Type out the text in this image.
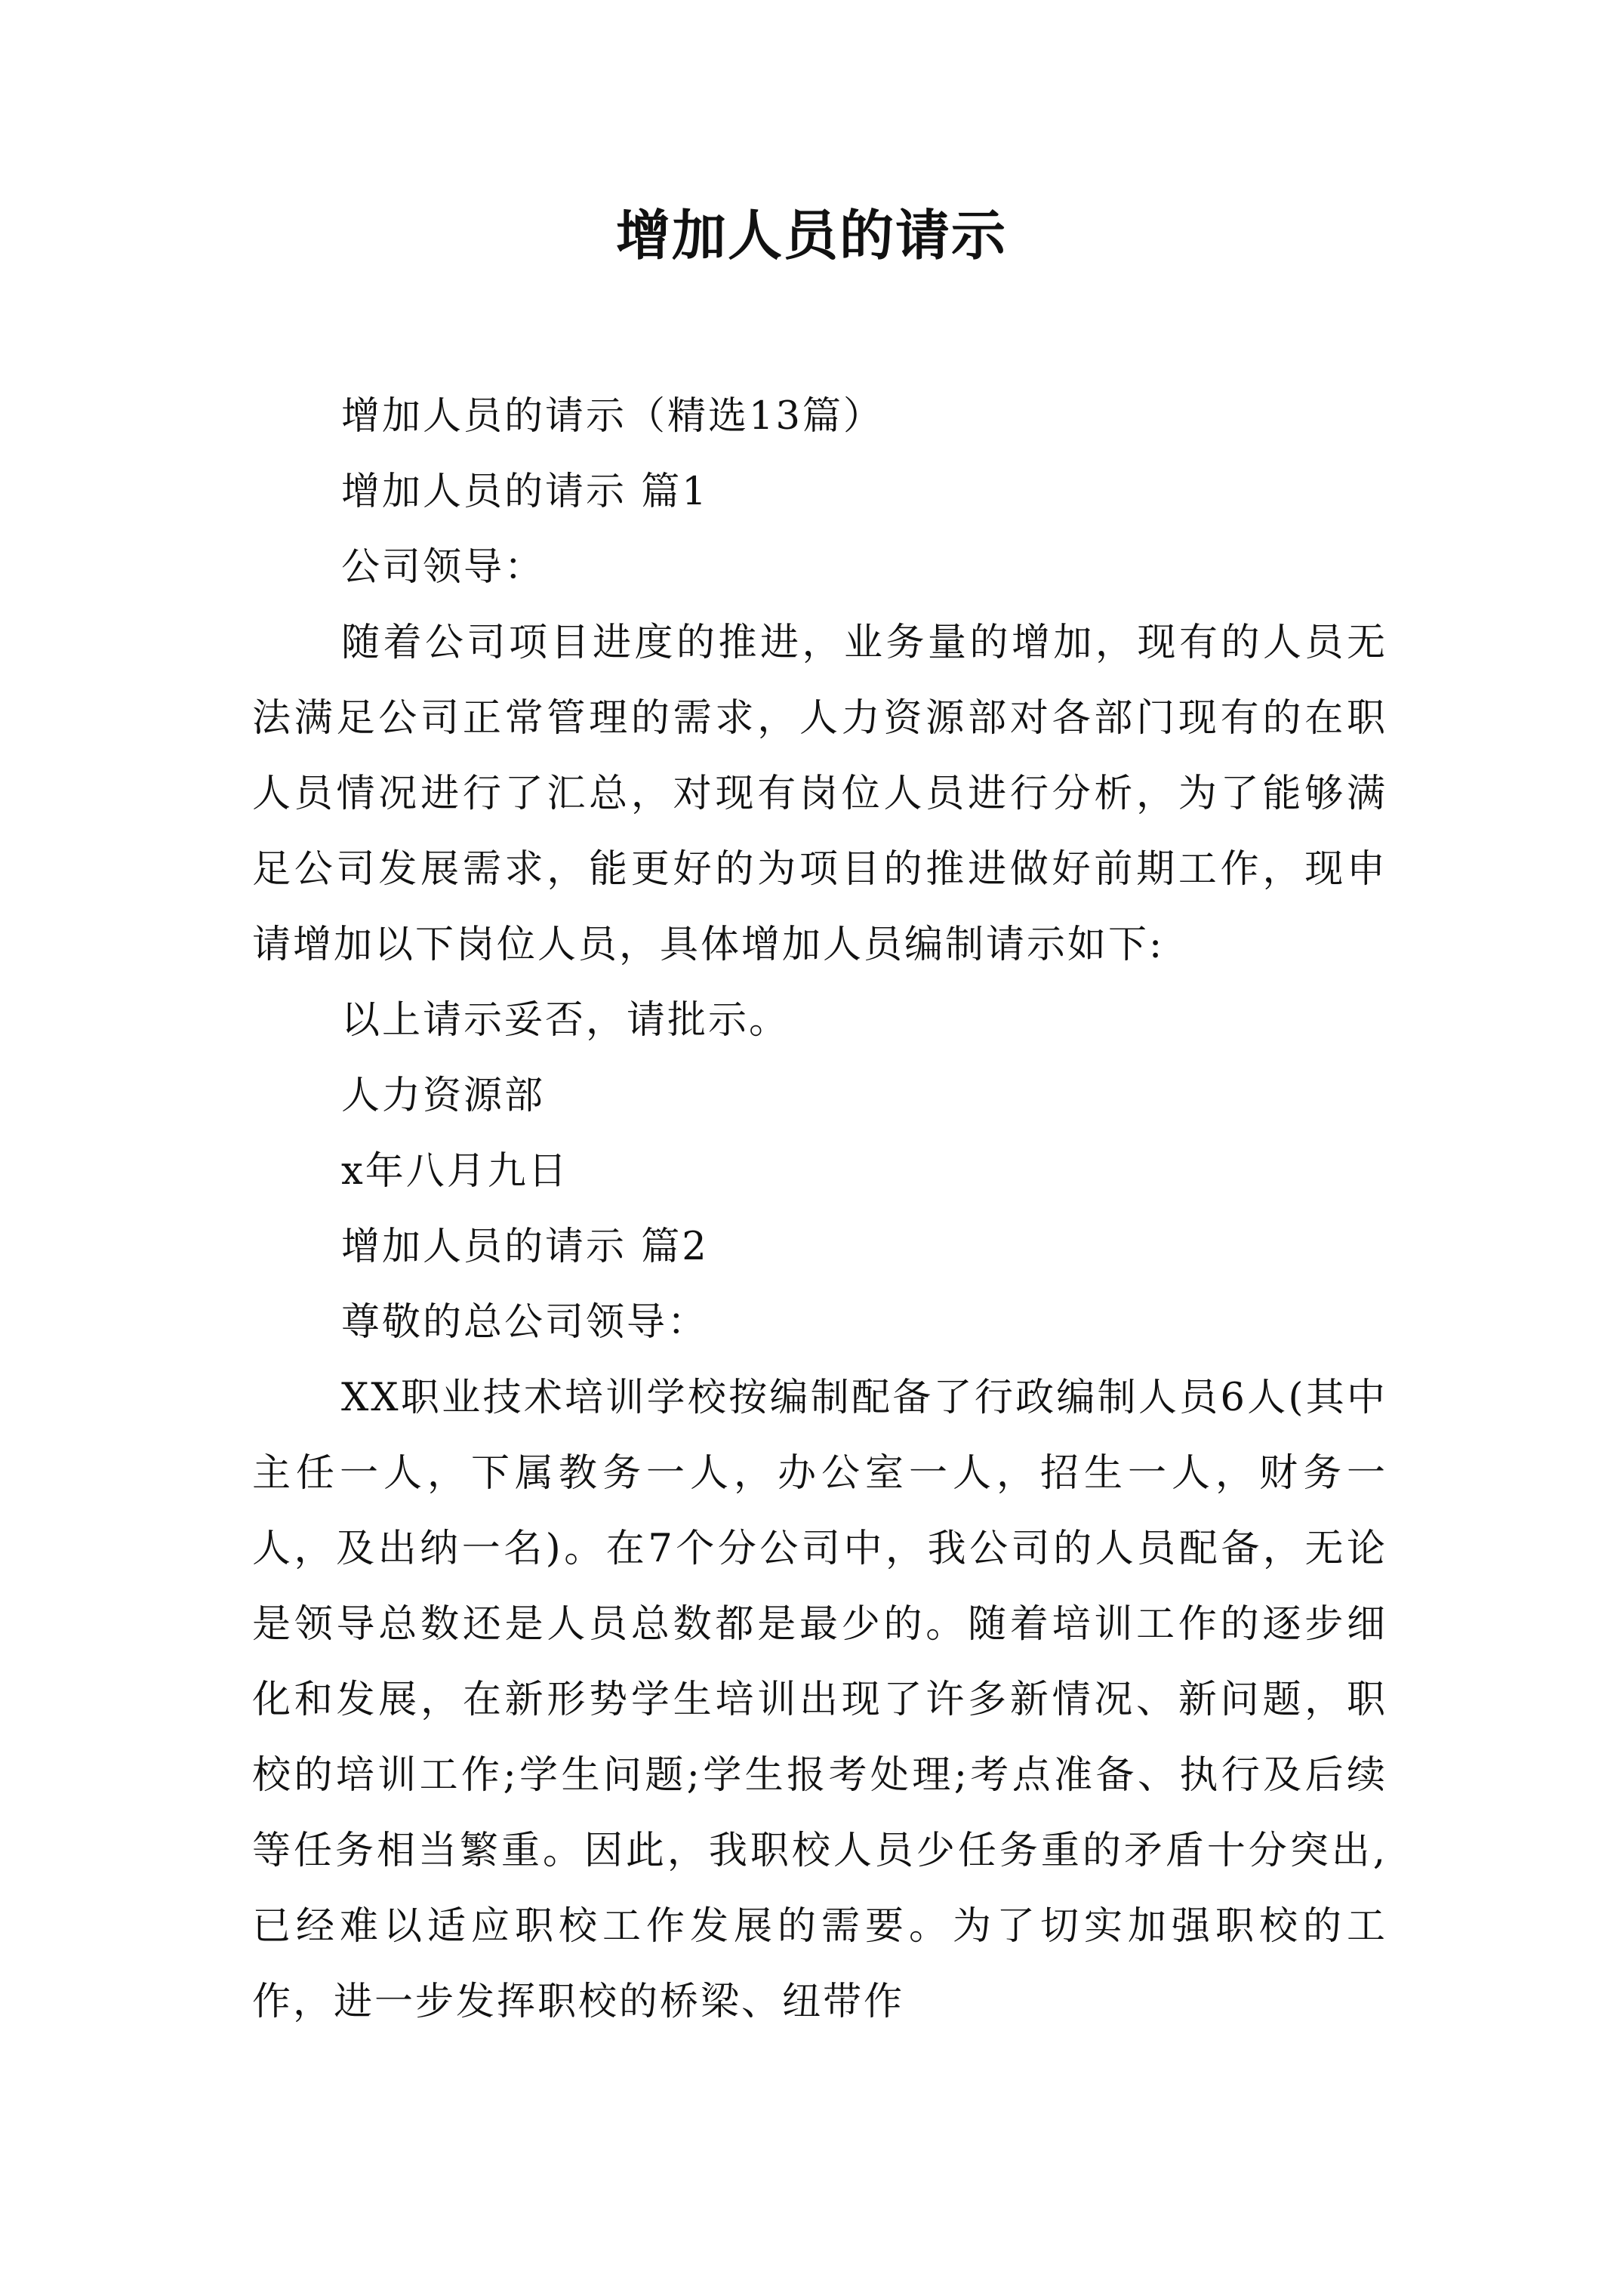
增加人员的请示

增加人员的请示（精选13篇）

增加人员的请示 篇1

公司领导：

随着公司项目进度的推进，业务量的增加，现有的人员无法满足公司正常管理的需求，人力资源部对各部门现有的在职人员情况进行了汇总，对现有岗位人员进行分析，为了能够满足公司发展需求，能更好的为项目的推进做好前期工作，现申请增加以下岗位人员，具体增加人员编制请示如下:

以上请示妥否，请批示。

人力资源部

x年八月九日

增加人员的请示 篇2

尊敬的总公司领导：

XX职业技术培训学校按编制配备了行政编制人员6人(其中主任一人，下属教务一人，办公室一人，招生一人，财务一人，及出纳一名)。在7个分公司中，我公司的人员配备，无论是领导总数还是人员总数都是最少的。随着培训工作的逐步细化和发展，在新形势学生培训出现了许多新情况、新问题，职校的培训工作;学生问题;学生报考处理;考点准备、执行及后续等任务相当繁重。因此，我职校人员少任务重的矛盾十分突出,已经难以适应职校工作发展的需要。为了切实加强职校的工作，进一步发挥职校的桥梁、纽带作
